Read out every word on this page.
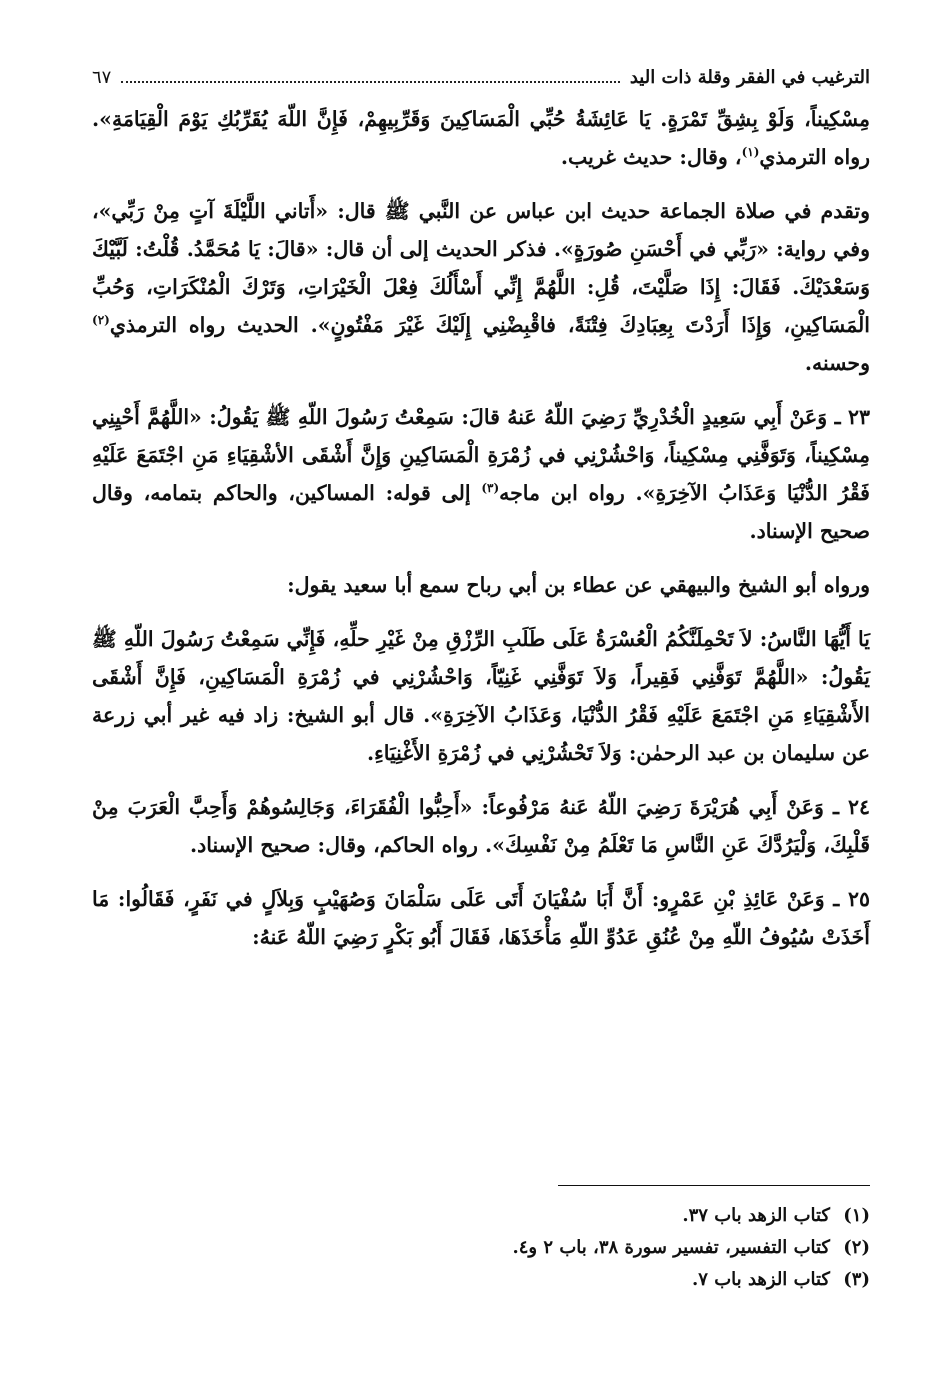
الترغيب في الفقر وقلة ذات اليد
٦٧

مِسْكِيناً، وَلَوْ بِشِقِّ تَمْرَةٍ. يَا عَائِشَةُ حُبِّي الْمَسَاكِينَ وَقَرِّبِيهِمْ، فَإِنَّ اللّهَ يُقَرِّبُكِ يَوْمَ الْقِيَامَةِ». رواه الترمذي$^{(١)}$، وقال: حديث غريب.

وتقدم في صلاة الجماعة حديث ابن عباس عن النَّبي ﷺ قال: «أَتاني اللَّيْلَةَ آتٍ مِنْ رَبِّي»، وفي رواية: «رَبِّي في أَحْسَنِ صُورَةٍ». فذكر الحديث إلى أن قال: «قالَ: يَا مُحَمَّدُ. قُلْتُ: لَبَّيْكَ وَسَعْدَيْكَ. فَقَالَ: إِذَا صَلَّيْتَ، قُلِ: اللَّهُمَّ إِنِّي أَسْأَلُكَ فِعْلَ الْخَيْرَاتِ، وَتَرْكَ الْمُنْكَرَاتِ، وَحُبِّ الْمَسَاكِينِ، وَإِذَا أَرَدْتَ بِعِبَادِكَ فِتْنَةً، فاقْبِضْنِي إِلَيْكَ غَيْرَ مَفْتُونٍ». الحديث رواه الترمذي$^{(٢)}$ وحسنه.

٢٣ ـ وَعَنْ أَبِي سَعِيدٍ الْخُدْرِيِّ رَضِيَ اللّهُ عَنهُ قالَ: سَمِعْتُ رَسُولَ اللّهِ ﷺ يَقُولُ: «اللَّهُمَّ أَحْيِنِي مِسْكِيناً، وَتَوَفَّنِي مِسْكِيناً، وَاحْشُرْنِي في زُمْرَةِ الْمَسَاكِينِ وَإِنَّ أَشْقَى الأشْقِيَاءِ مَنِ اجْتَمَعَ عَلَيْهِ فَقْرُ الدُّنْيَا وَعَذَابُ الآخِرَةِ». رواه ابن ماجه$^{(٣)}$ إلى قوله: المساكين، والحاكم بتمامه، وقال صحيح الإسناد.

ورواه أبو الشيخ والبيهقي عن عطاء بن أبي رباح سمع أبا سعيد يقول:

يَا أَيُّهَا النَّاسُ: لاَ تَحْمِلَنَّكُمُ الْعُسْرَةُ عَلَى طَلَبِ الرِّزْقِ مِنْ غَيْرِ حلِّهِ، فَإِنِّي سَمِعْتُ رَسُولَ اللّهِ ﷺ يَقُولُ: «اللَّهُمَّ تَوَفَّنِي فَقِيراً، وَلاَ تَوَفَّنِي غَنِيّاً، وَاحْشُرْنِي في زُمْرَةِ الْمَسَاكِينِ، فَإِنَّ أَشْقَى الأَشْقِيَاءِ مَنِ اجْتَمَعَ عَلَيْهِ فَقْرُ الدُّنْيَا، وَعَذَابُ الآخِرَةِ». قال أبو الشيخ: زاد فيه غير أبي زرعة عن سليمان بن عبد الرحمٰن: وَلاَ تَحْشُرْنِي في زُمْرَةِ الأَغْنِيَاءِ.

٢٤ ـ وَعَنْ أَبِي هُرَيْرَةَ رَضِيَ اللّهُ عَنهُ مَرْفُوعاً: «أَحِبُّوا الْفُقَرَاءَ، وَجَالِسُوهُمْ وَأَحِبَّ الْعَرَبَ مِنْ قَلْبِكَ، وَلْيَرُدَّكَ عَنِ النَّاسِ مَا تَعْلَمُ مِنْ نَفْسِكَ». رواه الحاكم، وقال: صحيح الإسناد.

٢٥ ـ وَعَنْ عَائِذِ بْنِ عَمْرٍو: أَنَّ أَبَا سُفْيَانَ أَتَى عَلَى سَلْمَانَ وَصُهَيْبٍ وَبِلاَلٍ في نَفَرٍ، فَقَالُوا: مَا أَخَذَتْ سُيُوفُ اللّهِ مِنْ عُنُقِ عَدُوِّ اللّهِ مَأْخَذَهَا، فَقَالَ أَبُو بَكْرٍ رَضِيَ اللّهُ عَنهُ:

(١)
كتاب الزهد باب ٣٧.
(٢)
كتاب التفسير، تفسير سورة ٣٨، باب ٢ و٤.
(٣)
كتاب الزهد باب ٧.
